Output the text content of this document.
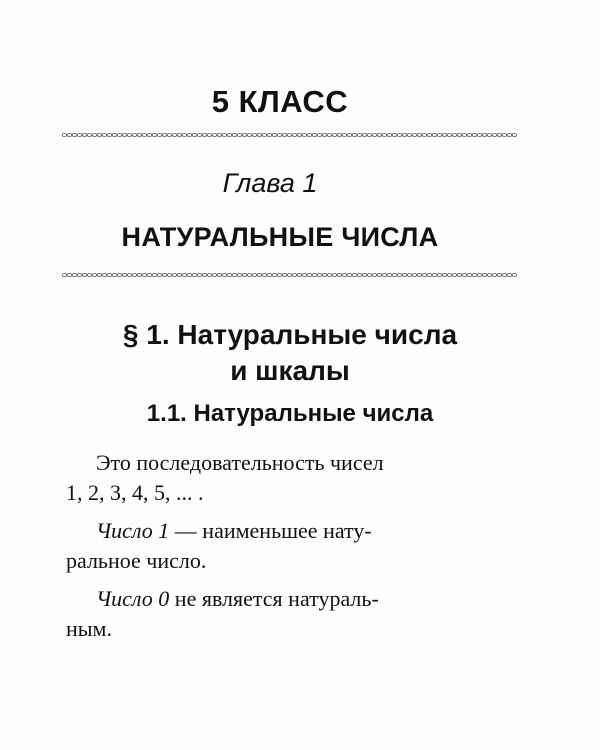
5 КЛАСС
Глава 1
НАТУРАЛЬНЫЕ ЧИСЛА
§ 1. Натуральные числа
и шкалы
1.1. Натуральные числа

Это последовательность чисел
1, 2, 3, 4, 5, ... .

Число 1 — наименьшее нату-
ральное число.

Число 0 не является натураль-
ным.
